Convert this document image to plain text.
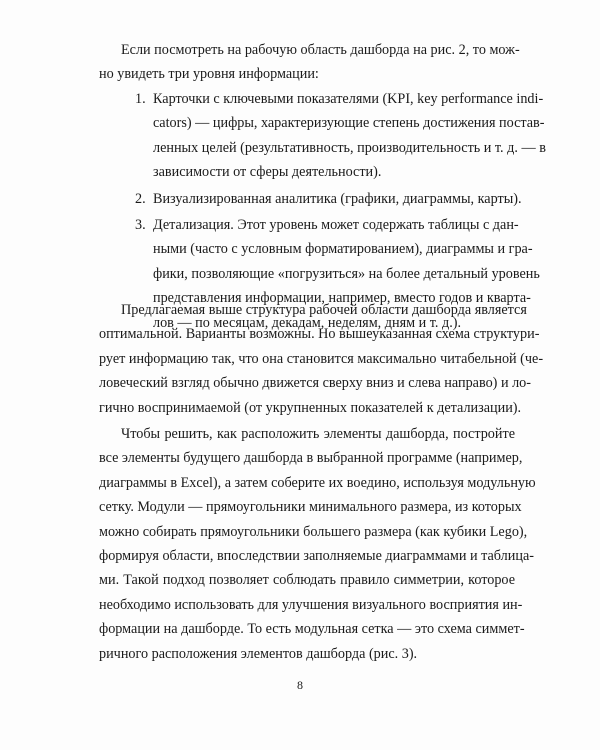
Если посмотреть на рабочую область дашборда на рис. 2, то мож-
но увидеть три уровня информации:
1. Карточки с ключевыми показателями (KPI, key performance indi-
cators) — цифры, характеризующие степень достижения постав-
ленных целей (результативность, производительность и т. д. — в
зависимости от сферы деятельности).
2. Визуализированная аналитика (графики, диаграммы, карты).
3. Детализация. Этот уровень может содержать таблицы с дан-
ными (часто с условным форматированием), диаграммы и гра-
фики, позволяющие «погрузиться» на более детальный уровень
представления информации, например, вместо годов и кварта-
лов — по месяцам, декадам, неделям, дням и т. д.).
Предлагаемая выше структура рабочей области дашборда является
оптимальной. Варианты возможны. Но вышеуказанная схема структури-
рует информацию так, что она становится максимально читабельной (че-
ловеческий взгляд обычно движется сверху вниз и слева направо) и ло-
гично воспринимаемой (от укрупненных показателей к детализации).
Чтобы решить, как расположить элементы дашборда, постройте
все элементы будущего дашборда в выбранной программе (например,
диаграммы в Excel), а затем соберите их воедино, используя модульную
сетку. Модули — прямоугольники минимального размера, из которых
можно собирать прямоугольники большего размера (как кубики Lego),
формируя области, впоследствии заполняемые диаграммами и таблица-
ми. Такой подход позволяет соблюдать правило симметрии, которое
необходимо использовать для улучшения визуального восприятия ин-
формации на дашборде. То есть модульная сетка — это схема симмет-
ричного расположения элементов дашборда (рис. 3).
8
